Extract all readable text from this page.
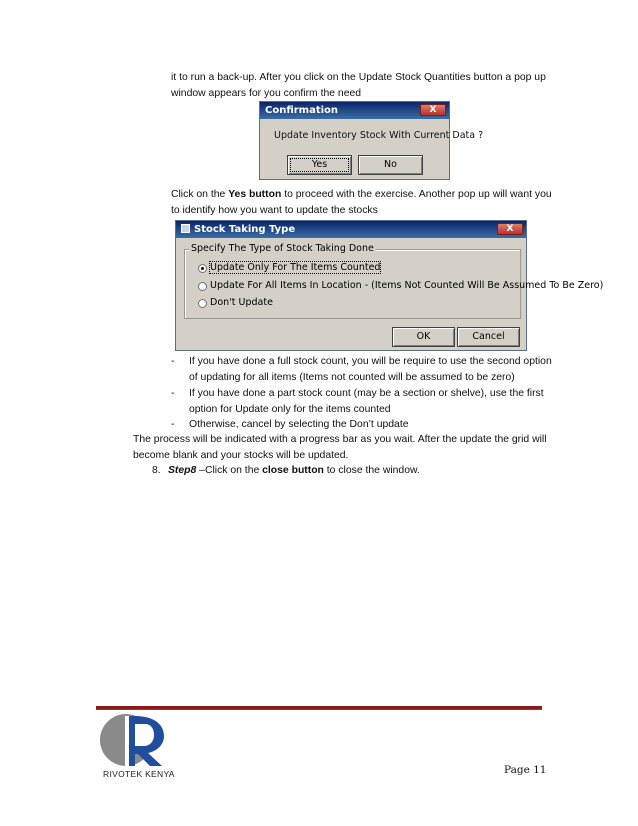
it to run a back-up. After you click on the Update Stock Quantities button a pop up
window appears for you confirm the need
Confirmation	X
Update Inventory Stock With Current Data ?
Yes	No
Click on the Yes button to proceed with the exercise. Another pop up will want you
to identify how you want to update the stocks
Stock Taking Type	X
Specify The Type of Stock Taking Done
Update Only For The Items Counted
Update For All Items In Location - (Items Not Counted Will Be Assumed To Be Zero)
Don't Update
OK	Cancel
- If you have done a full stock count, you will be require to use the second option
of updating for all items (Items not counted will be assumed to be zero)
- If you have done a part stock count (may be a section or shelve), use the first
option for Update only for the items counted
- Otherwise, cancel by selecting the Don’t update
The process will be indicated with a progress bar as you wait. After the update the grid will
become blank and your stocks will be updated.
8. Step8 –Click on the close button to close the window.
RIVOTEK KENYA	Page 11
